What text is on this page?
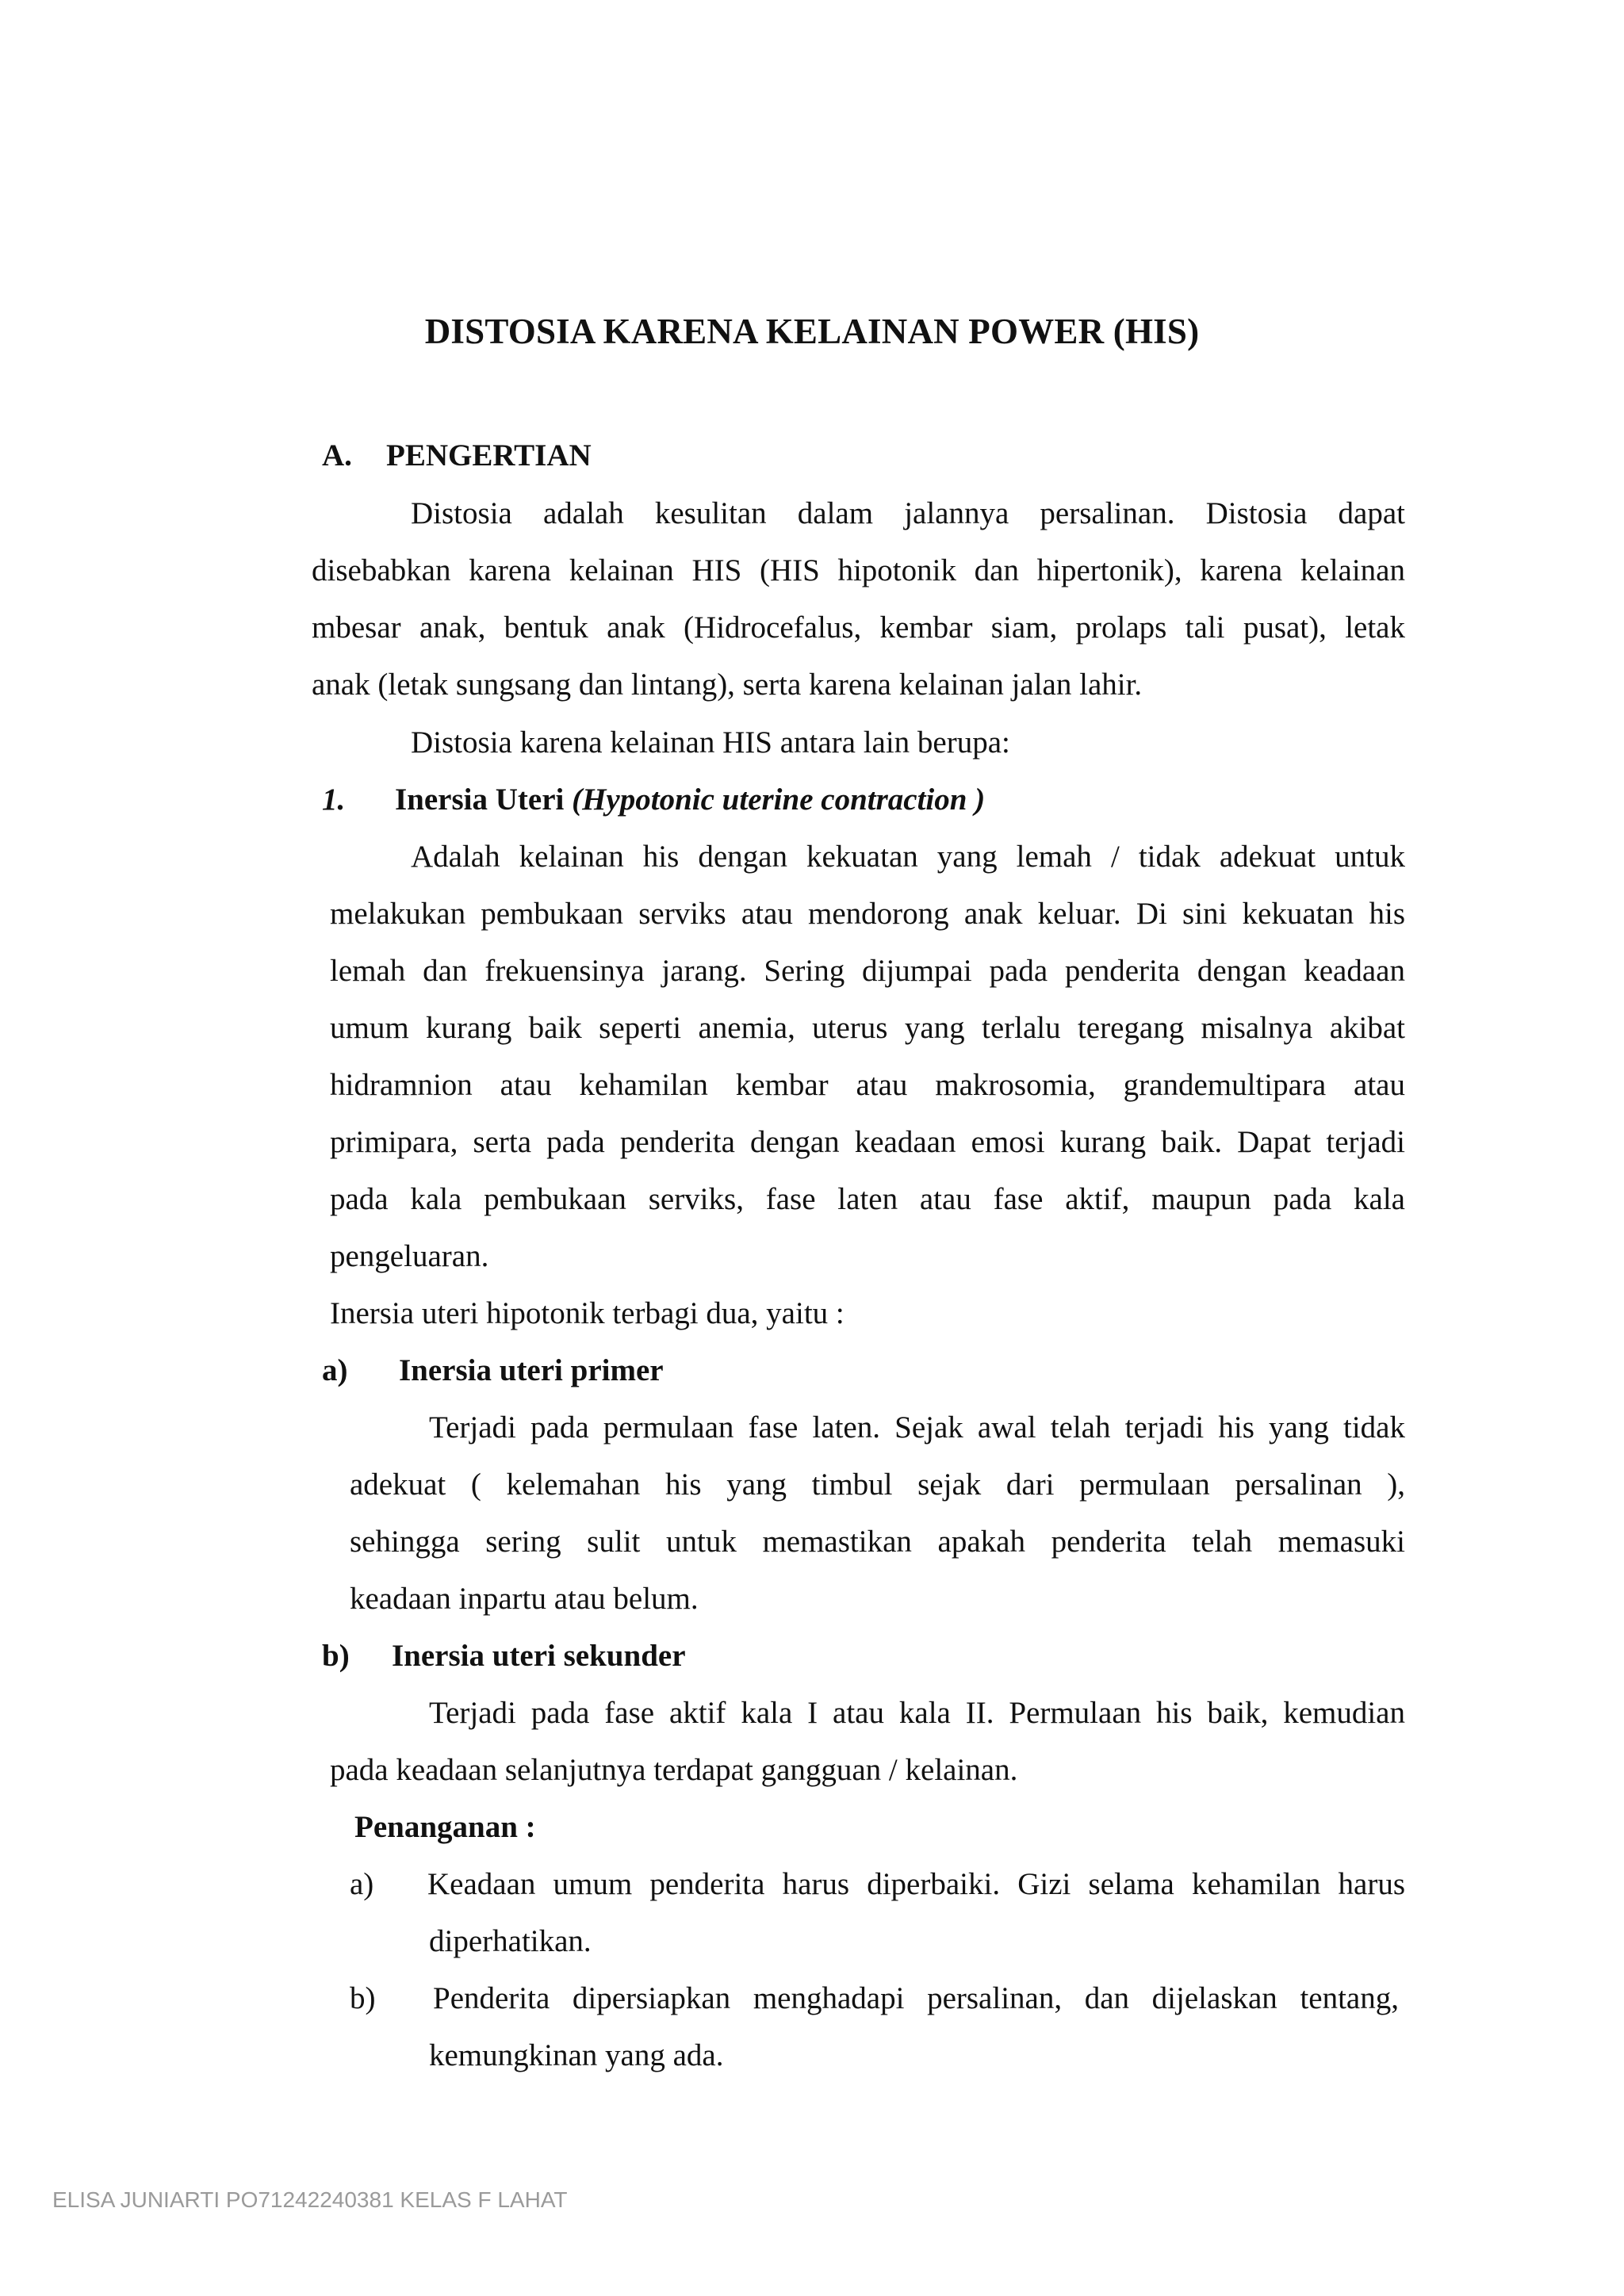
DISTOSIA KARENA KELAINAN POWER (HIS)
A. PENGERTIAN
Distosia adalah kesulitan dalam jalannya persalinan. Distosia dapat
disebabkan karena kelainan HIS (HIS hipotonik dan hipertonik), karena kelainan
mbesar anak, bentuk anak (Hidrocefalus, kembar siam, prolaps tali pusat), letak
anak (letak sungsang dan lintang), serta karena kelainan jalan lahir.
Distosia karena kelainan HIS antara lain berupa:
1. Inersia Uteri (Hypotonic uterine contraction )
Adalah kelainan his dengan kekuatan yang lemah / tidak adekuat untuk
melakukan pembukaan serviks atau mendorong anak keluar. Di sini kekuatan his
lemah dan frekuensinya jarang. Sering dijumpai pada penderita dengan keadaan
umum kurang baik seperti anemia, uterus yang terlalu teregang misalnya akibat
hidramnion atau kehamilan kembar atau makrosomia, grandemultipara atau
primipara, serta pada penderita dengan keadaan emosi kurang baik. Dapat terjadi
pada kala pembukaan serviks, fase laten atau fase aktif, maupun pada kala
pengeluaran.
Inersia uteri hipotonik terbagi dua, yaitu :
a) Inersia uteri primer
Terjadi pada permulaan fase laten. Sejak awal telah terjadi his yang tidak
adekuat ( kelemahan his yang timbul sejak dari permulaan persalinan ),
sehingga sering sulit untuk memastikan apakah penderita telah memasuki
keadaan inpartu atau belum.
b) Inersia uteri sekunder
Terjadi pada fase aktif kala I atau kala II. Permulaan his baik, kemudian
pada keadaan selanjutnya terdapat gangguan / kelainan.
Penanganan :
a) Keadaan umum penderita harus diperbaiki. Gizi selama kehamilan harus
diperhatikan.
b) Penderita dipersiapkan menghadapi persalinan, dan dijelaskan tentang,
kemungkinan yang ada.
ELISA JUNIARTI PO71242240381 KELAS F LAHAT
